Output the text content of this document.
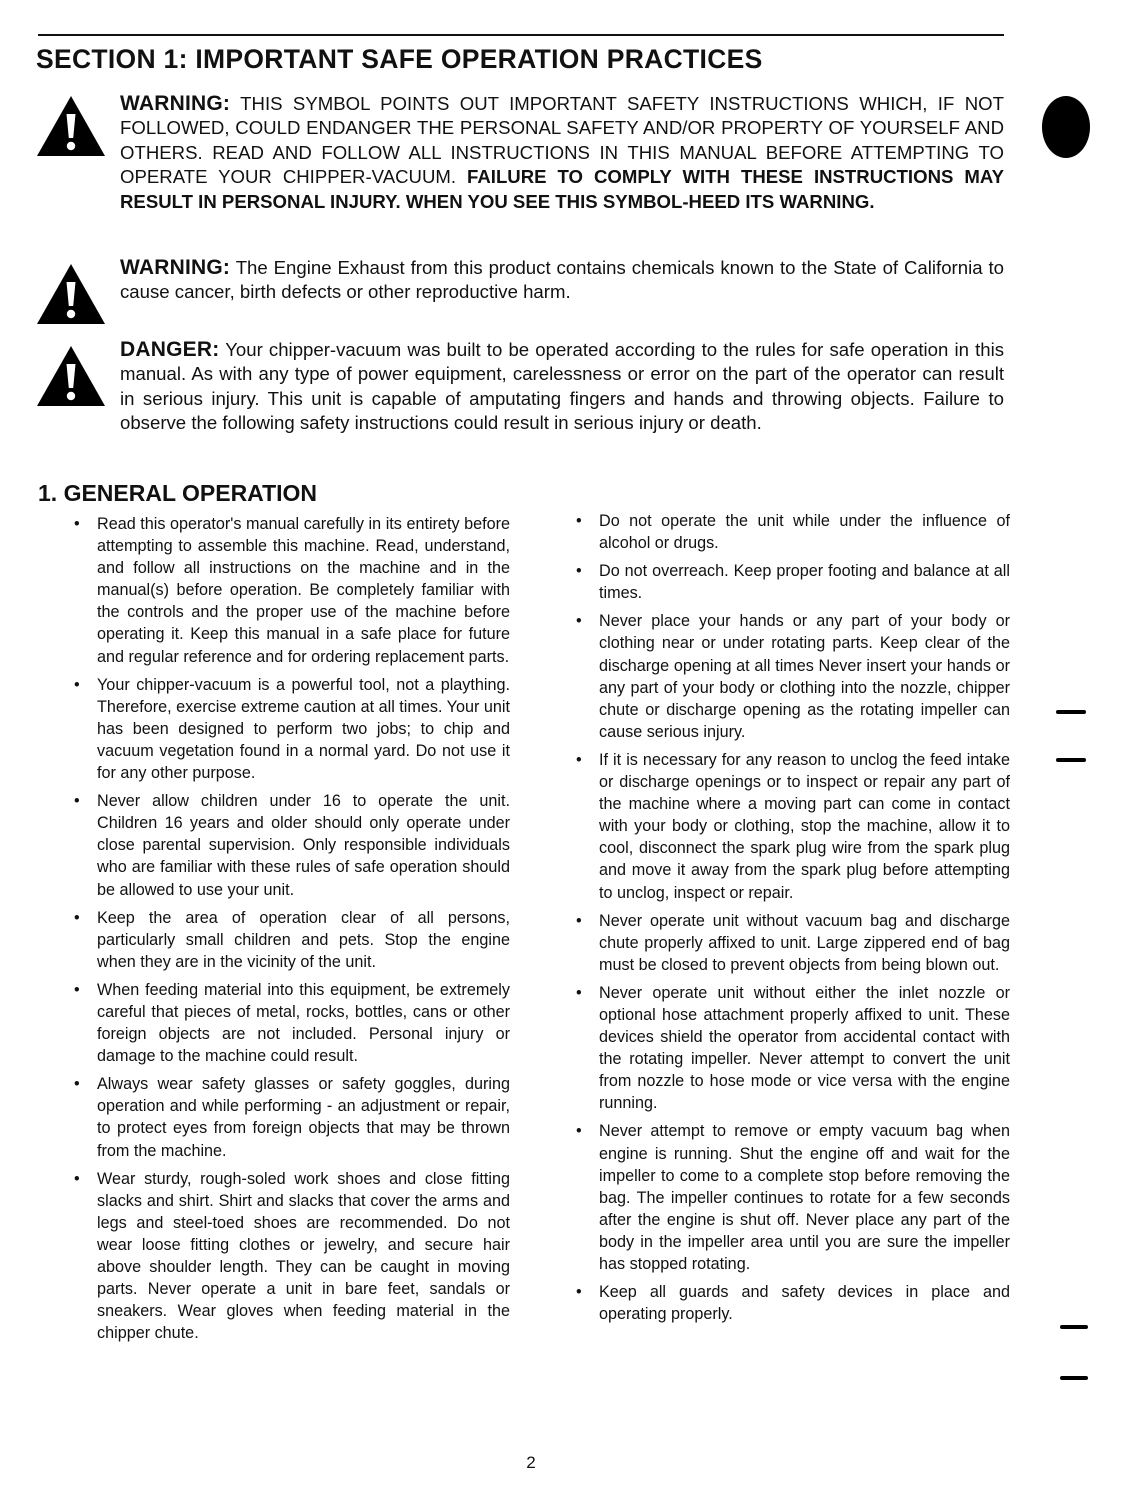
SECTION 1: IMPORTANT SAFE OPERATION PRACTICES

WARNING: THIS SYMBOL POINTS OUT IMPORTANT SAFETY INSTRUCTIONS WHICH, IF NOT FOLLOWED, COULD ENDANGER THE PERSONAL SAFETY AND/OR PROPERTY OF YOURSELF AND OTHERS. READ AND FOLLOW ALL INSTRUCTIONS IN THIS MANUAL BEFORE ATTEMPTING TO OPERATE YOUR CHIPPER-VACUUM. FAILURE TO COMPLY WITH THESE INSTRUCTIONS MAY RESULT IN PERSONAL INJURY. WHEN YOU SEE THIS SYMBOL-HEED ITS WARNING.

WARNING: The Engine Exhaust from this product contains chemicals known to the State of California to cause cancer, birth defects or other reproductive harm.

DANGER: Your chipper-vacuum was built to be operated according to the rules for safe operation in this manual. As with any type of power equipment, carelessness or error on the part of the operator can result in serious injury. This unit is capable of amputating fingers and hands and throwing objects. Failure to observe the following safety instructions could result in serious injury or death.

1. GENERAL OPERATION
• Read this operator's manual carefully in its entirety before attempting to assemble this machine. Read, understand, and follow all instructions on the machine and in the manual(s) before operation. Be completely familiar with the controls and the proper use of the machine before operating it. Keep this manual in a safe place for future and regular reference and for ordering replacement parts.
• Your chipper-vacuum is a powerful tool, not a plaything. Therefore, exercise extreme caution at all times. Your unit has been designed to perform two jobs; to chip and vacuum vegetation found in a normal yard. Do not use it for any other purpose.
• Never allow children under 16 to operate the unit. Children 16 years and older should only operate under close parental supervision. Only responsible individuals who are familiar with these rules of safe operation should be allowed to use your unit.
• Keep the area of operation clear of all persons, particularly small children and pets. Stop the engine when they are in the vicinity of the unit.
• When feeding material into this equipment, be extremely careful that pieces of metal, rocks, bottles, cans or other foreign objects are not included. Personal injury or damage to the machine could result.
• Always wear safety glasses or safety goggles, during operation and while performing - an adjustment or repair, to protect eyes from foreign objects that may be thrown from the machine.
• Wear sturdy, rough-soled work shoes and close fitting slacks and shirt. Shirt and slacks that cover the arms and legs and steel-toed shoes are recommended. Do not wear loose fitting clothes or jewelry, and secure hair above shoulder length. They can be caught in moving parts. Never operate a unit in bare feet, sandals or sneakers. Wear gloves when feeding material in the chipper chute.
• Do not operate the unit while under the influence of alcohol or drugs.
• Do not overreach. Keep proper footing and balance at all times.
• Never place your hands or any part of your body or clothing near or under rotating parts. Keep clear of the discharge opening at all times Never insert your hands or any part of your body or clothing into the nozzle, chipper chute or discharge opening as the rotating impeller can cause serious injury.
• If it is necessary for any reason to unclog the feed intake or discharge openings or to inspect or repair any part of the machine where a moving part can come in contact with your body or clothing, stop the machine, allow it to cool, disconnect the spark plug wire from the spark plug and move it away from the spark plug before attempting to unclog, inspect or repair.
• Never operate unit without vacuum bag and discharge chute properly affixed to unit. Large zippered end of bag must be closed to prevent objects from being blown out.
• Never operate unit without either the inlet nozzle or optional hose attachment properly affixed to unit. These devices shield the operator from accidental contact with the rotating impeller. Never attempt to convert the unit from nozzle to hose mode or vice versa with the engine running.
• Never attempt to remove or empty vacuum bag when engine is running. Shut the engine off and wait for the impeller to come to a complete stop before removing the bag. The impeller continues to rotate for a few seconds after the engine is shut off. Never place any part of the body in the impeller area until you are sure the impeller has stopped rotating.
• Keep all guards and safety devices in place and operating properly.
2
